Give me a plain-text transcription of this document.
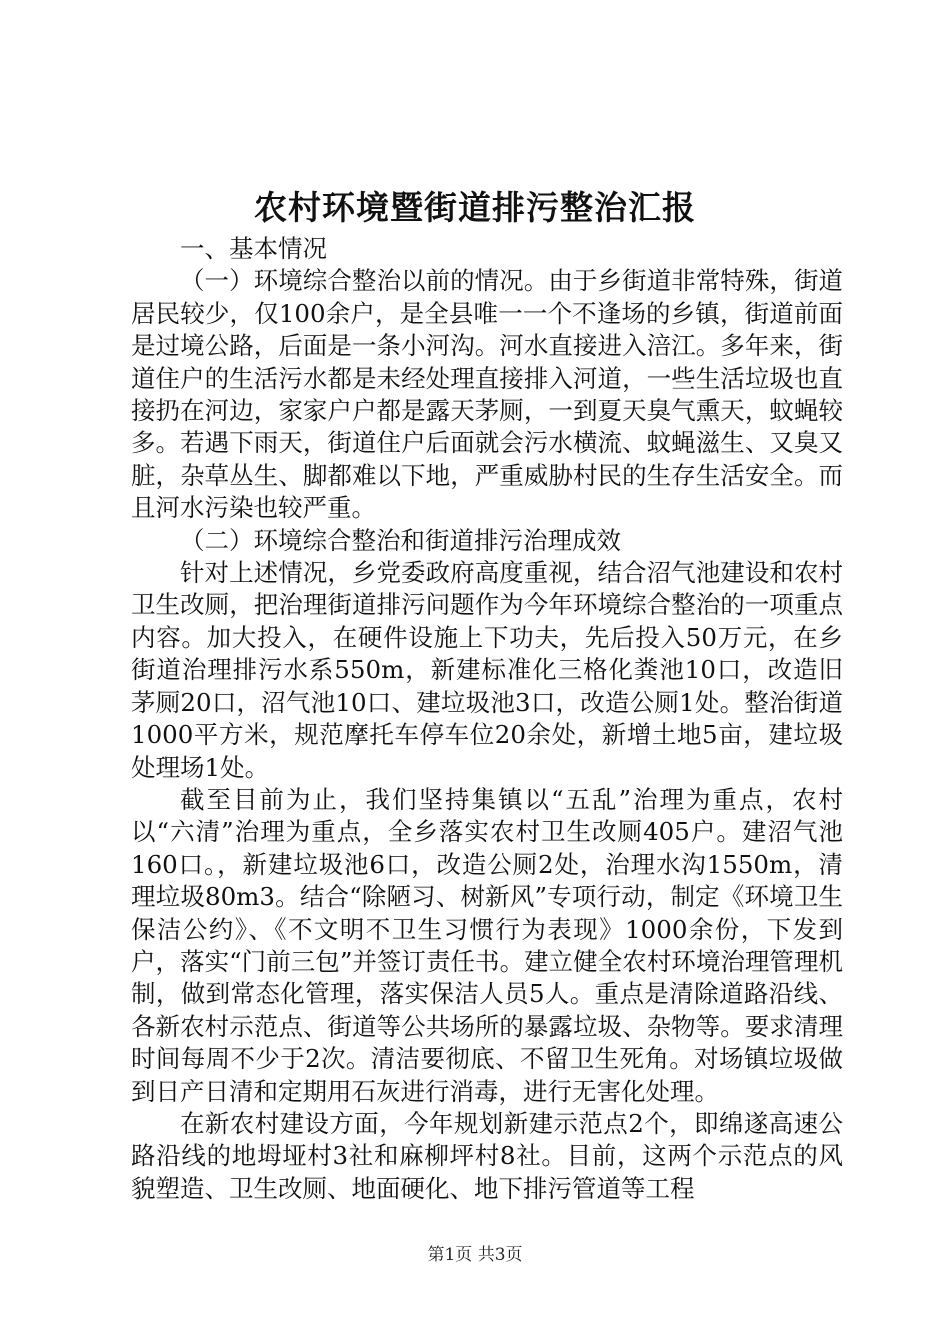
农村环境暨街道排污整治汇报

一、基本情况

（一）环境综合整治以前的情况。由于乡街道非常特殊，街道居民较少，仅100余户，是全县唯一一个不逢场的乡镇，街道前面是过境公路，后面是一条小河沟。河水直接进入涪江。多年来，街道住户的生活污水都是未经处理直接排入河道，一些生活垃圾也直接扔在河边，家家户户都是露天茅厕，一到夏天臭气熏天，蚊蝇较多。若遇下雨天，街道住户后面就会污水横流、蚊蝇滋生、又臭又脏，杂草丛生、脚都难以下地，严重威胁村民的生存生活安全。而且河水污染也较严重。

（二）环境综合整治和街道排污治理成效

针对上述情况，乡党委政府高度重视，结合沼气池建设和农村卫生改厕，把治理街道排污问题作为今年环境综合整治的一项重点内容。加大投入，在硬件设施上下功夫，先后投入50万元，在乡街道治理排污水系550m，新建标准化三格化粪池10口，改造旧茅厕20口，沼气池10口、建垃圾池3口，改造公厕1处。整治街道1000平方米，规范摩托车停车位20余处，新增土地5亩，建垃圾处理场1处。

截至目前为止，我们坚持集镇以“五乱”治理为重点，农村以“六清”治理为重点，全乡落实农村卫生改厕405户。建沼气池160口。，新建垃圾池6口，改造公厕2处，治理水沟1550m，清理垃圾80m3。结合“除陋习、树新风”专项行动，制定《环境卫生保洁公约》、《不文明不卫生习惯行为表现》1000余份，下发到户，落实“门前三包”并签订责任书。建立健全农村环境治理管理机制，做到常态化管理，落实保洁人员5人。重点是清除道路沿线、各新农村示范点、街道等公共场所的暴露垃圾、杂物等。要求清理时间每周不少于2次。清洁要彻底、不留卫生死角。对场镇垃圾做到日产日清和定期用石灰进行消毒，进行无害化处理。

在新农村建设方面，今年规划新建示范点2个，即绵遂高速公路沿线的地坶垭村3社和麻柳坪村8社。目前，这两个示范点的风貌塑造、卫生改厕、地面硬化、地下排污管道等工程

第1页 共3页
